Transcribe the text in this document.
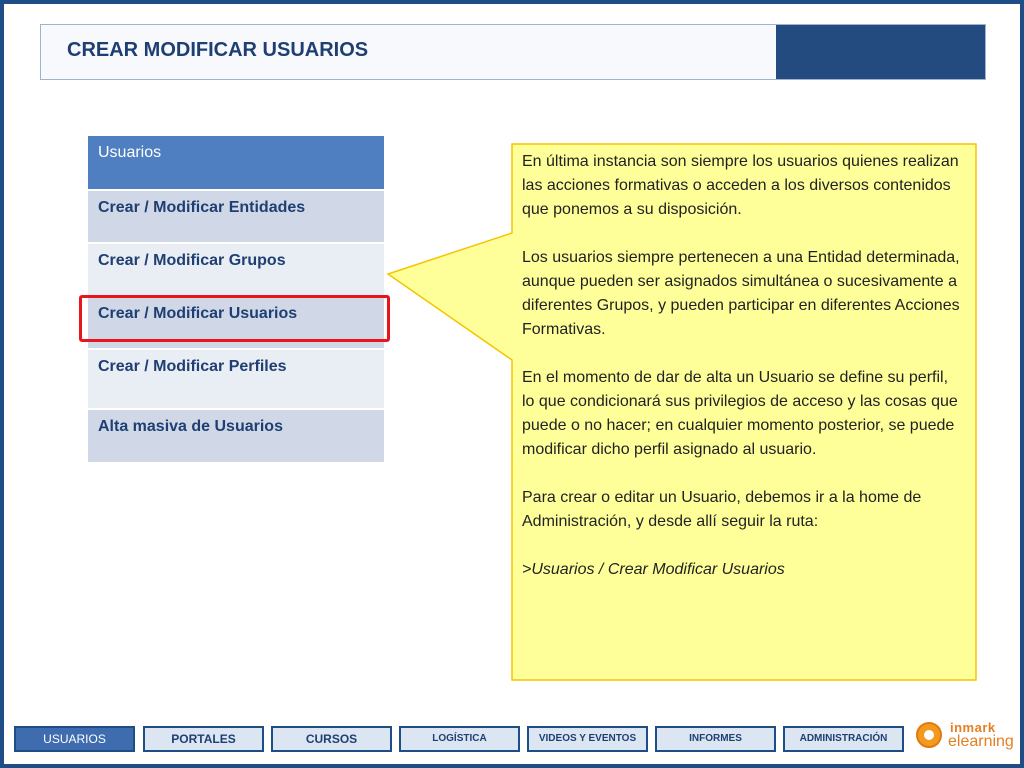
CREAR MODIFICAR USUARIOS
Usuarios
Crear / Modificar Entidades
Crear / Modificar Grupos
Crear / Modificar Usuarios
Crear / Modificar Perfiles
Alta masiva de Usuarios

En última instancia son siempre los usuarios quienes realizan las acciones formativas o acceden a los diversos contenidos que ponemos a su disposición.

Los usuarios siempre pertenecen a una Entidad determinada, aunque pueden ser asignados simultánea o sucesivamente a diferentes Grupos, y pueden participar en diferentes Acciones Formativas.

En el momento de dar de alta un Usuario se define su perfil, lo que condicionará sus privilegios de acceso y las cosas que puede o no hacer; en cualquier momento posterior, se puede modificar dicho perfil asignado al usuario.

Para crear o editar un Usuario, debemos ir a la home de Administración, y desde allí seguir la ruta:

>Usuarios / Crear Modificar Usuarios

USUARIOS	PORTALES	CURSOS	LOGÍSTICA	VIDEOS Y EVENTOS	INFORMES	ADMINISTRACIÓN
inmark
elearning
